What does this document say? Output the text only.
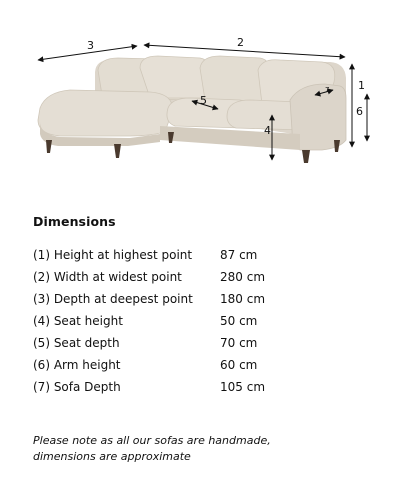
3	2
1
5
6
4
7
Dimensions
(1) Height at highest point	87 cm
(2) Width at widest point	280 cm
(3) Depth at deepest point	180 cm
(4) Seat height	50 cm
(5) Seat depth	70 cm
(6) Arm height	60 cm
(7) Sofa Depth	105 cm
Please note as all our sofas are handmade,
dimensions are approximate
